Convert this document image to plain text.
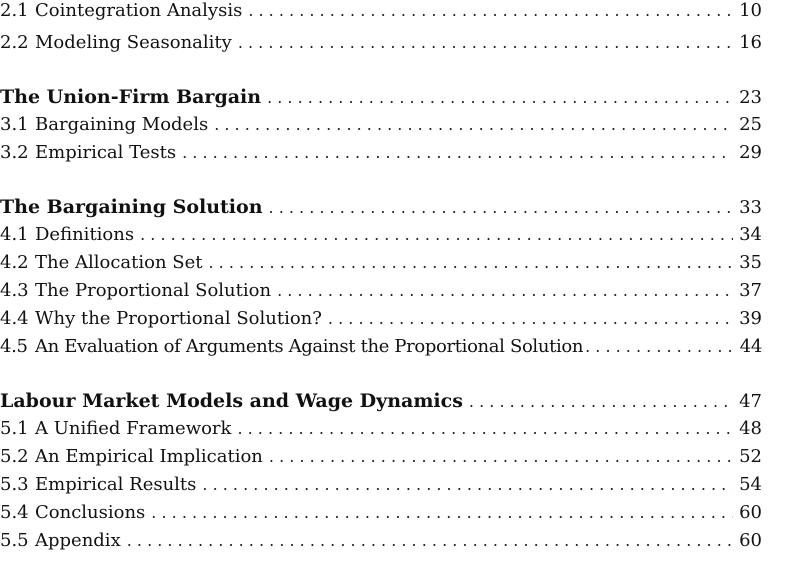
2.1 Cointegration Analysis . . .	10
2.2 Modeling Seasonality . . .	16
The Union-Firm Bargain . . .	23
3.1 Bargaining Models . . .	25
3.2 Empirical Tests . . .	29
The Bargaining Solution . . .	33
4.1 Definitions . . .	34
4.2 The Allocation Set . . .	35
4.3 The Proportional Solution . . .	37
4.4 Why the Proportional Solution? . . .	39
4.5 An Evaluation of Arguments Against the Proportional Solution . . .	44
Labour Market Models and Wage Dynamics . . .	47
5.1 A Unified Framework . . .	48
5.2 An Empirical Implication . . .	52
5.3 Empirical Results . . .	54
5.4 Conclusions . . .	60
5.5 Appendix . . .	60
